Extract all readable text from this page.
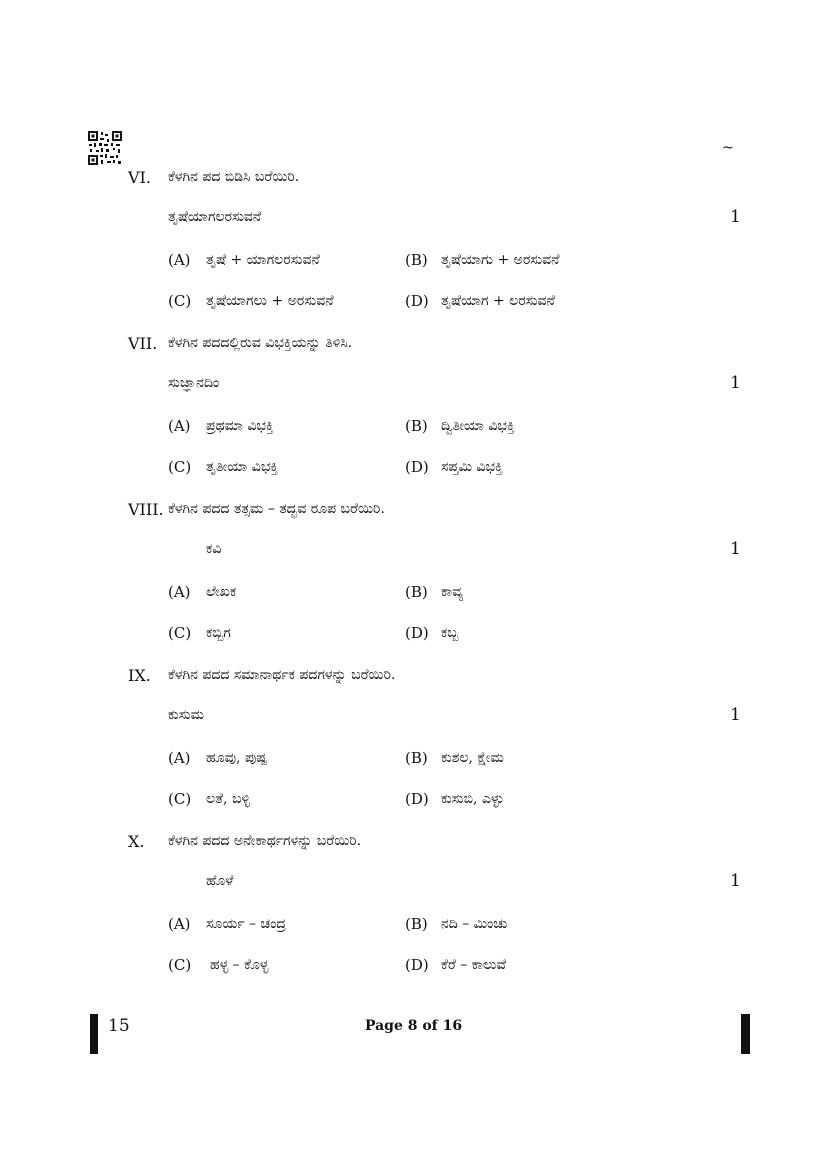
~
VI. ಕೆಳಗಿನ ಪದ ಬಿಡಿಸಿ ಬರೆಯಿರಿ.
ತೃಷೆಯಾಗಲರಸುವನೆ	1
(A) ತೃಷೆ + ಯಾಗಲರಸುವನೆ	(B) ತೃಷೆಯಾಗು + ಅರಸುವನೆ
(C) ತೃಷೆಯಾಗಲು + ಅರಸುವನೆ	(D) ತೃಷೆಯಾಗ + ಲರಸುವನೆ
VII. ಕೆಳಗಿನ ಪದದಲ್ಲಿರುವ ವಿಭಕ್ತಿಯನ್ನು ತಿಳಿಸಿ.
ಸುಜ್ಞಾನದಿಂ	1
(A) ಪ್ರಥಮಾ ವಿಭಕ್ತಿ	(B) ದ್ವಿತೀಯಾ ವಿಭಕ್ತಿ
(C) ತೃತೀಯಾ ವಿಭಕ್ತಿ	(D) ಸಪ್ತಮಿ ವಿಭಕ್ತಿ
VIII. ಕೆಳಗಿನ ಪದದ ತತ್ಸಮ – ತದ್ಭವ ರೂಪ ಬರೆಯಿರಿ.
ಕವಿ	1
(A) ಲೇಖಕ	(B) ಕಾವ್ಯ
(C) ಕಬ್ಬಿಗ	(D) ಕಬ್ಬ
IX. ಕೆಳಗಿನ ಪದದ ಸಮಾನಾರ್ಥಕ ಪದಗಳನ್ನು ಬರೆಯಿರಿ.
ಕುಸುಮ	1
(A) ಹೂವು, ಪುಷ್ಪ	(B) ಕುಶಲ, ಕ್ಷೇಮ
(C) ಲತೆ, ಬಳ್ಳಿ	(D) ಕುಸುಬಿ, ಎಳ್ಳು
X. ಕೆಳಗಿನ ಪದದ ಅನೇಕಾರ್ಥಗಳನ್ನು ಬರೆಯಿರಿ.
ಹೊಳೆ	1
(A) ಸೂರ್ಯ – ಚಂದ್ರ	(B) ನದಿ – ಮಿಂಚು
(C) ಹಳ್ಳ – ಕೊಳ್ಳ	(D) ಕೆರೆ – ಕಾಲುವೆ
15	Page 8 of 16
